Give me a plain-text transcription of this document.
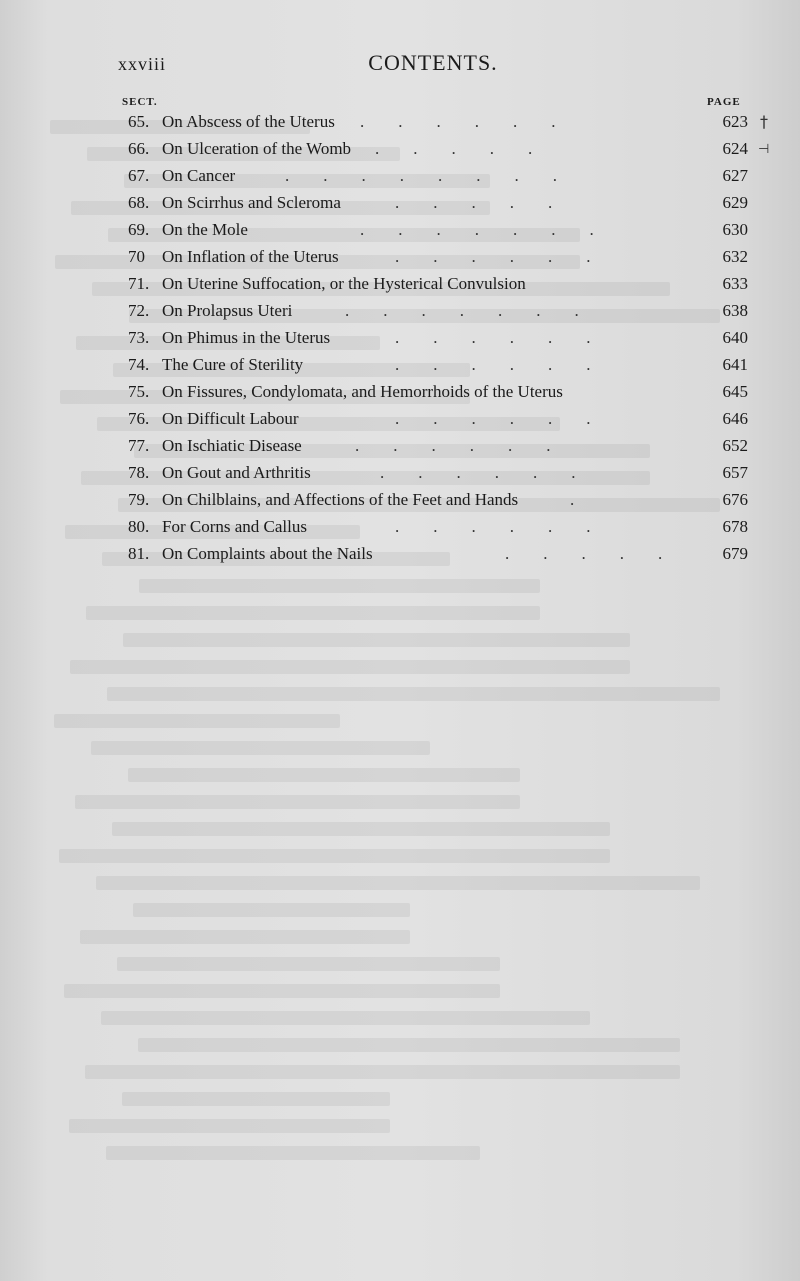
xxviii	CONTENTS.
SECT.	PAGE
65. On Abscess of the Uterus .        .        .        .        .        .	623
66. On Ulceration of the Womb .        .        .        .        .	624
67. On Cancer	.        .        .        .        .        .        .        .	627
68. On Scirrhus and Scleroma	.        .        .        .        .	629
69. On the Mole	.        .        .        .        .        .        .	630
70 On Inflation of the Uterus	.        .        .        .        .        .	632
71. On Uterine Suffocation, or the Hysterical Convulsion	633
72. On Prolapsus Uteri	.        .        .        .        .        .        .	638
73. On Phimus in the Uterus	.        .        .        .        .        .	640
74. The Cure of Sterility	.        .        .        .        .        .	641
75. On Fissures, Condylomata, and Hemorrhoids of the Uterus	645
76. On Difficult Labour	.        .        .        .        .        .	646
77. On Ischiatic Disease	.        .        .        .        .        .	652
78. On Gout and Arthritis	.        .        .        .        .        .	657
79. On Chilblains, and Affections of the Feet and Hands	.	676
80. For Corns and Callus	.        .        .        .        .        .	678
81. On Complaints about the Nails	.        .        .        .        .	679
†
⊣
